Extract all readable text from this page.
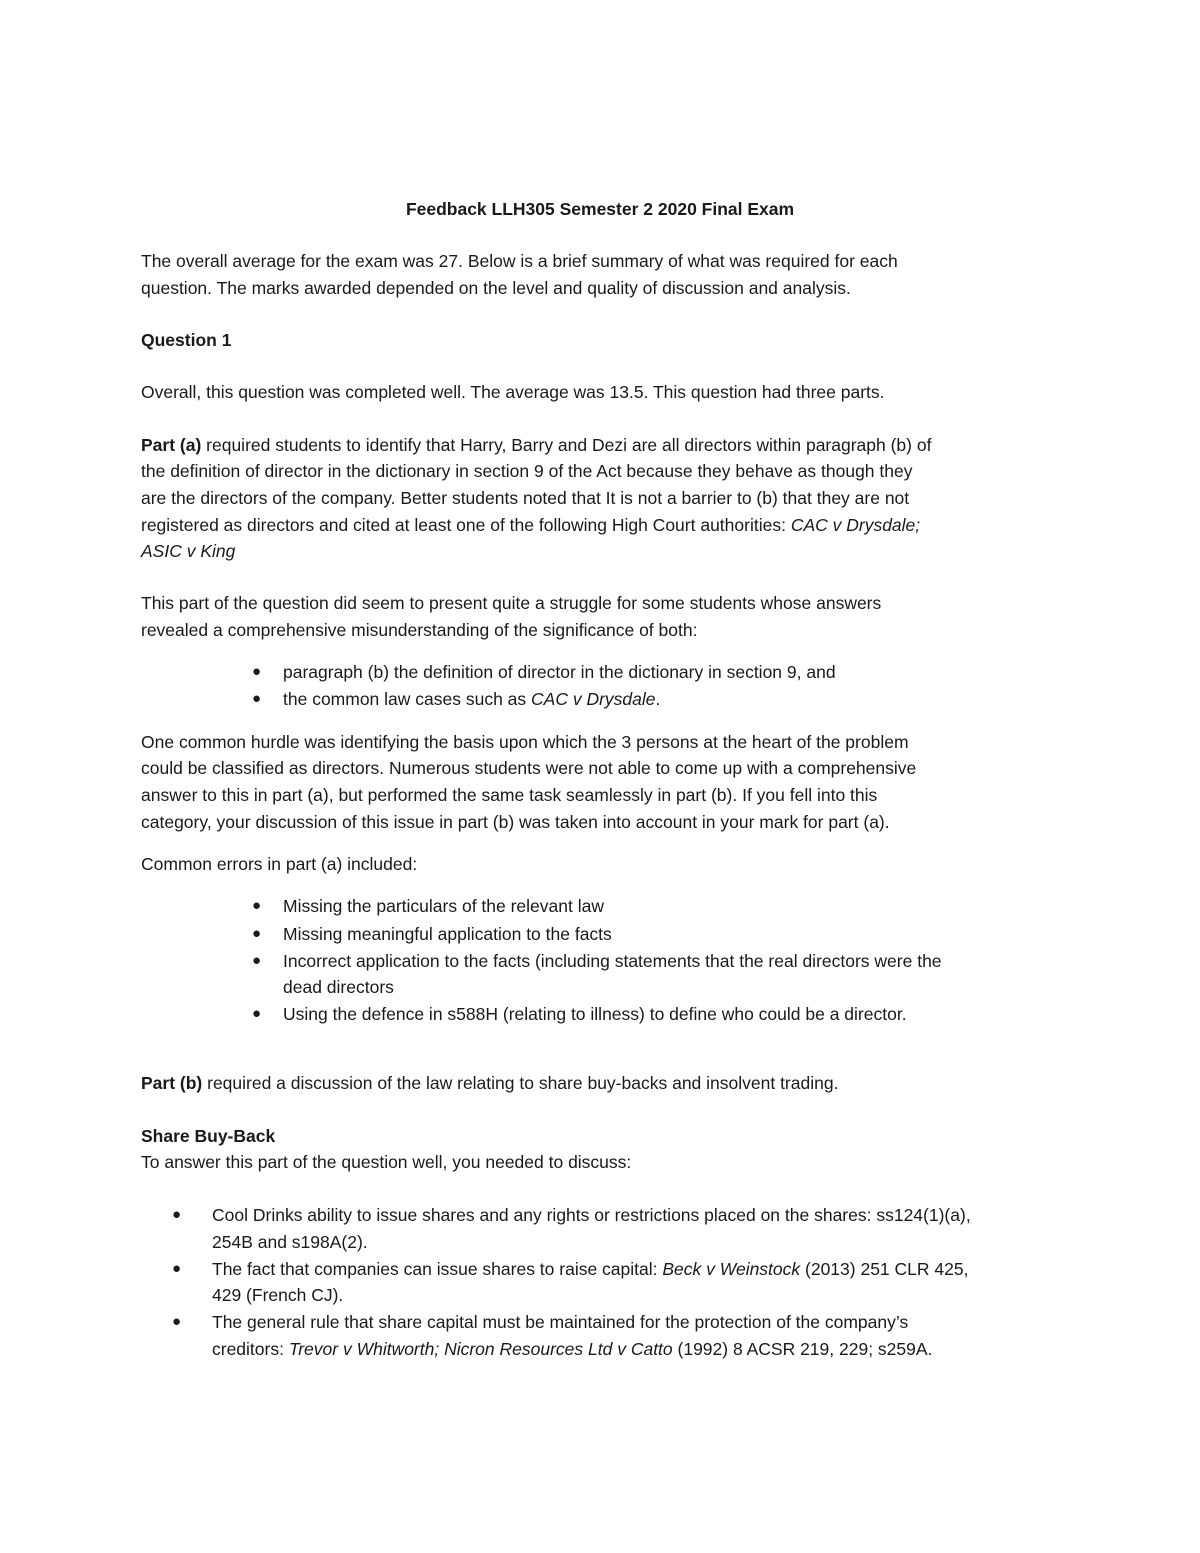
Feedback LLH305 Semester 2 2020 Final Exam
The overall average for the exam was 27. Below is a brief summary of what was required for each
question. The marks awarded depended on the level and quality of discussion and analysis.
Question 1
Overall, this question was completed well. The average was 13.5. This question had three parts.
Part (a) required students to identify that Harry, Barry and Dezi are all directors within paragraph (b) of
the definition of director in the dictionary in section 9 of the Act because they behave as though they
are the directors of the company. Better students noted that It is not a barrier to (b) that they are not
registered as directors and cited at least one of the following High Court authorities: CAC v Drysdale;
ASIC v King
This part of the question did seem to present quite a struggle for some students whose answers
revealed a comprehensive misunderstanding of the significance of both:
● paragraph (b) the definition of director in the dictionary in section 9, and
● the common law cases such as CAC v Drysdale.
One common hurdle was identifying the basis upon which the 3 persons at the heart of the problem
could be classified as directors. Numerous students were not able to come up with a comprehensive
answer to this in part (a), but performed the same task seamlessly in part (b). If you fell into this
category, your discussion of this issue in part (b) was taken into account in your mark for part (a).
Common errors in part (a) included:
● Missing the particulars of the relevant law
● Missing meaningful application to the facts
● Incorrect application to the facts (including statements that the real directors were the
dead directors
● Using the defence in s588H (relating to illness) to define who could be a director.
Part (b) required a discussion of the law relating to share buy-backs and insolvent trading.
Share Buy-Back
To answer this part of the question well, you needed to discuss:
● Cool Drinks ability to issue shares and any rights or restrictions placed on the shares: ss124(1)(a),
254B and s198A(2).
● The fact that companies can issue shares to raise capital: Beck v Weinstock (2013) 251 CLR 425,
429 (French CJ).
● The general rule that share capital must be maintained for the protection of the company’s
creditors: Trevor v Whitworth; Nicron Resources Ltd v Catto (1992) 8 ACSR 219, 229; s259A.
